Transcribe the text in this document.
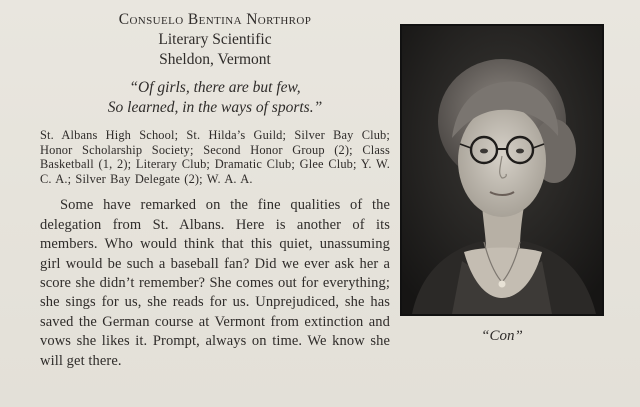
Consuelo Bentina Northrop
Literary Scientific
Sheldon, Vermont
“Of girls, there are but few,
So learned, in the ways of sports.”
St. Albans High School; St. Hilda’s Guild; Silver Bay Club; Honor Scholarship Society; Second Honor Group (2); Class Basketball (1, 2); Literary Club; Dramatic Club; Glee Club; Y. W. C. A.; Silver Bay Delegate (2); W. A. A.
Some have remarked on the fine qualities of the delegation from St. Albans. Here is another of its members. Who would think that this quiet, unassuming girl would be such a baseball fan? Did we ever ask her a score she didn’t remember? She comes out for everything; she sings for us, she reads for us. Unprejudiced, she has saved the German course at Vermont from extinction and vows she likes it. Prompt, always on time. We know she will get there.
“Con”
